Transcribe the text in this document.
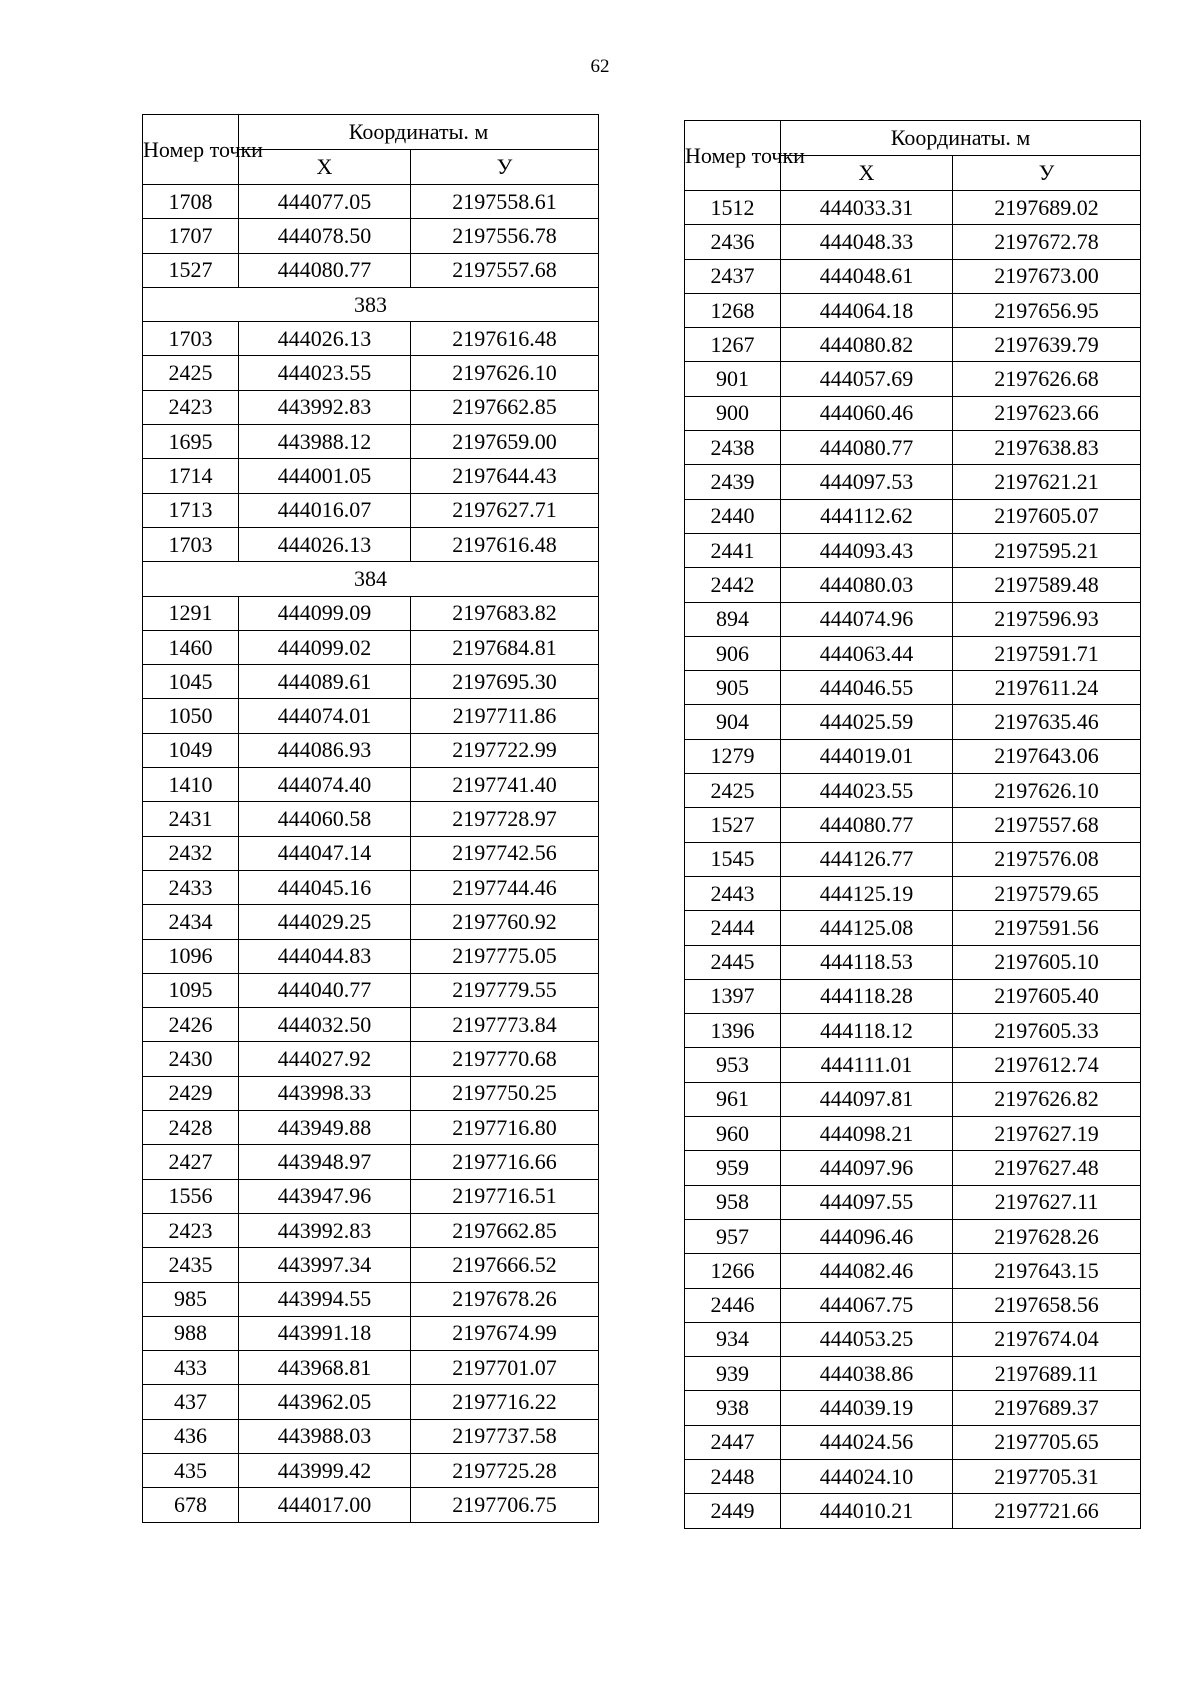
62
Номер точки	Координаты. м	
	X	У
1708	444077.05	2197558.61
1707	444078.50	2197556.78
1527	444080.77	2197557.68
383		
1703	444026.13	2197616.48
2425	444023.55	2197626.10
2423	443992.83	2197662.85
1695	443988.12	2197659.00
1714	444001.05	2197644.43
1713	444016.07	2197627.71
1703	444026.13	2197616.48
384		
1291	444099.09	2197683.82
1460	444099.02	2197684.81
1045	444089.61	2197695.30
1050	444074.01	2197711.86
1049	444086.93	2197722.99
1410	444074.40	2197741.40
2431	444060.58	2197728.97
2432	444047.14	2197742.56
2433	444045.16	2197744.46
2434	444029.25	2197760.92
1096	444044.83	2197775.05
1095	444040.77	2197779.55
2426	444032.50	2197773.84
2430	444027.92	2197770.68
2429	443998.33	2197750.25
2428	443949.88	2197716.80
2427	443948.97	2197716.66
1556	443947.96	2197716.51
2423	443992.83	2197662.85
2435	443997.34	2197666.52
985	443994.55	2197678.26
988	443991.18	2197674.99
433	443968.81	2197701.07
437	443962.05	2197716.22
436	443988.03	2197737.58
435	443999.42	2197725.28
678	444017.00	2197706.75
Номер точки	Координаты. м	
	X	У
1512	444033.31	2197689.02
2436	444048.33	2197672.78
2437	444048.61	2197673.00
1268	444064.18	2197656.95
1267	444080.82	2197639.79
901	444057.69	2197626.68
900	444060.46	2197623.66
2438	444080.77	2197638.83
2439	444097.53	2197621.21
2440	444112.62	2197605.07
2441	444093.43	2197595.21
2442	444080.03	2197589.48
894	444074.96	2197596.93
906	444063.44	2197591.71
905	444046.55	2197611.24
904	444025.59	2197635.46
1279	444019.01	2197643.06
2425	444023.55	2197626.10
1527	444080.77	2197557.68
1545	444126.77	2197576.08
2443	444125.19	2197579.65
2444	444125.08	2197591.56
2445	444118.53	2197605.10
1397	444118.28	2197605.40
1396	444118.12	2197605.33
953	444111.01	2197612.74
961	444097.81	2197626.82
960	444098.21	2197627.19
959	444097.96	2197627.48
958	444097.55	2197627.11
957	444096.46	2197628.26
1266	444082.46	2197643.15
2446	444067.75	2197658.56
934	444053.25	2197674.04
939	444038.86	2197689.11
938	444039.19	2197689.37
2447	444024.56	2197705.65
2448	444024.10	2197705.31
2449	444010.21	2197721.66
